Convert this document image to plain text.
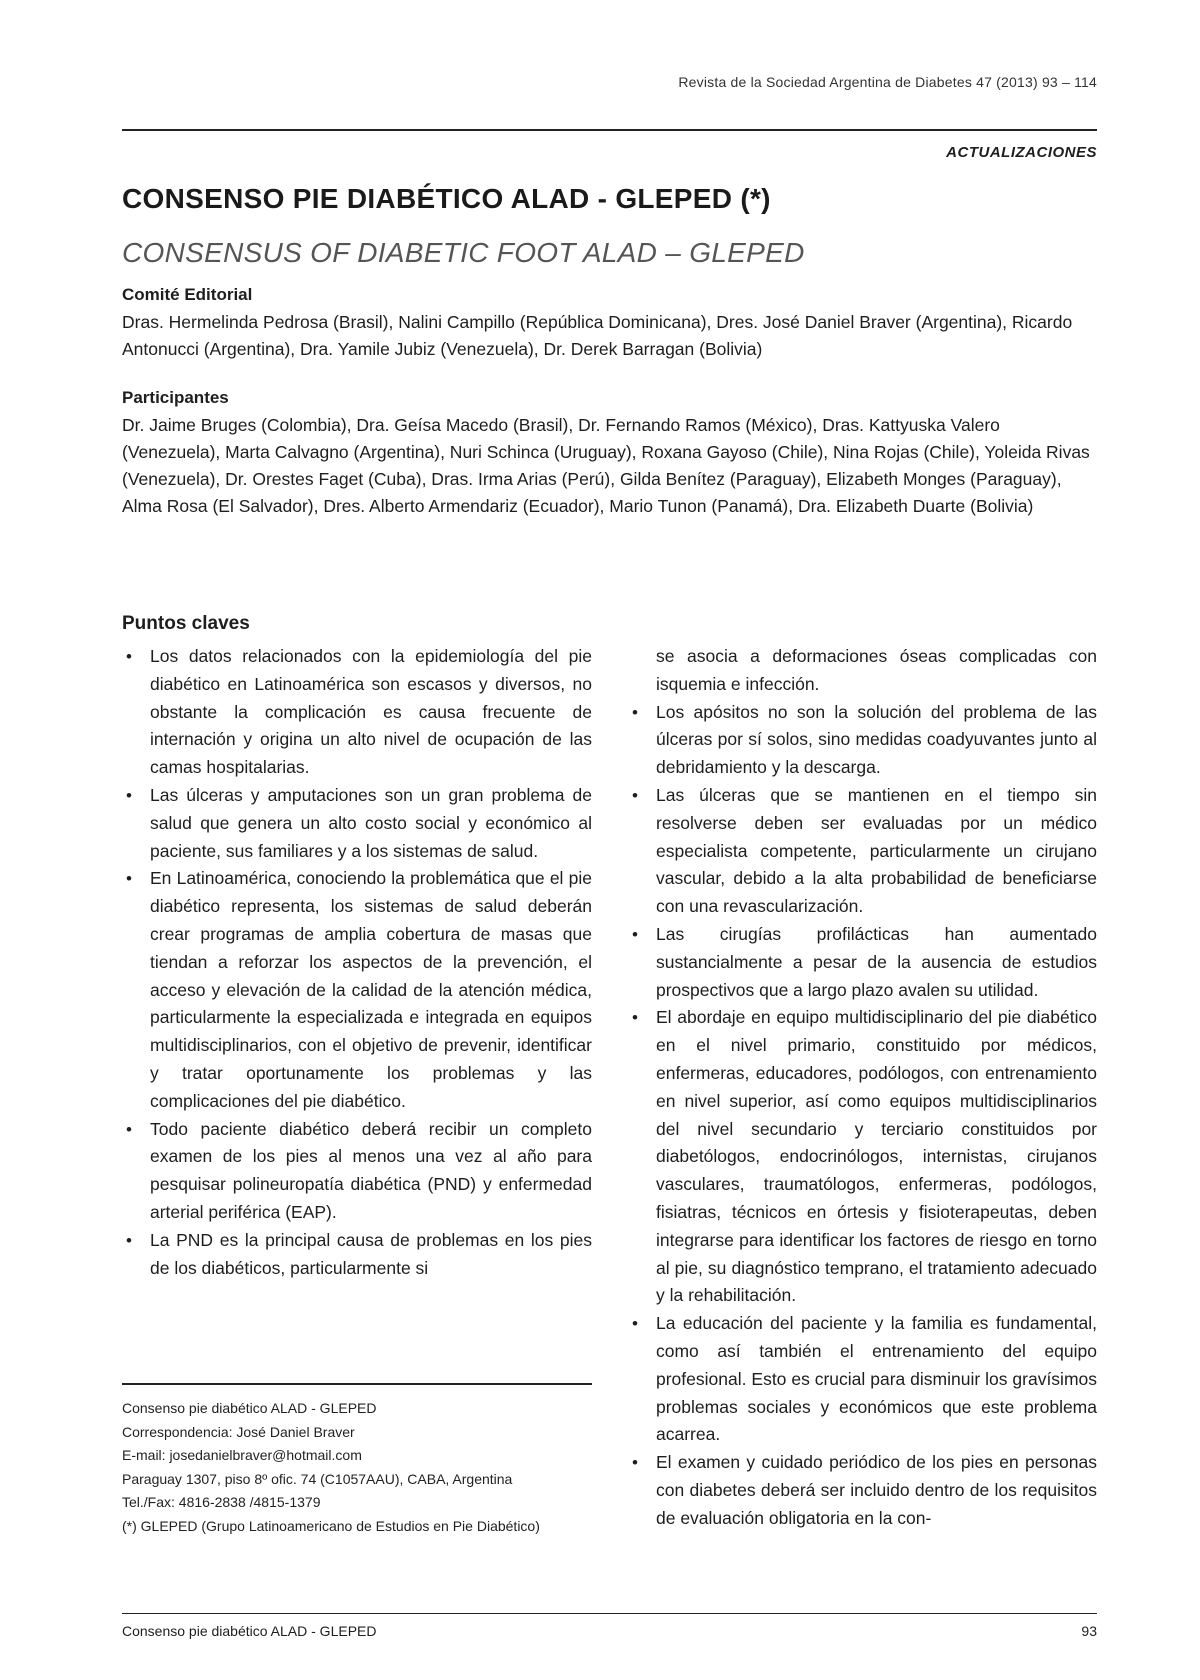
Revista de la Sociedad Argentina de Diabetes 47 (2013) 93 – 114
ACTUALIZACIONES
CONSENSO PIE DIABÉTICO ALAD - GLEPED (*)
CONSENSUS OF DIABETIC FOOT ALAD – GLEPED
Comité Editorial
Dras. Hermelinda Pedrosa (Brasil), Nalini Campillo (República Dominicana), Dres. José Daniel Braver (Argentina), Ricardo Antonucci (Argentina), Dra. Yamile Jubiz (Venezuela), Dr. Derek Barragan (Bolivia)
Participantes
Dr. Jaime Bruges (Colombia), Dra. Geísa Macedo (Brasil), Dr. Fernando Ramos (México), Dras. Kattyuska Valero (Venezuela), Marta Calvagno (Argentina), Nuri Schinca (Uruguay), Roxana Gayoso (Chile), Nina Rojas (Chile), Yoleida Rivas (Venezuela), Dr. Orestes Faget (Cuba), Dras. Irma Arias (Perú), Gilda Benítez (Paraguay), Elizabeth Monges (Paraguay), Alma Rosa (El Salvador), Dres. Alberto Armendariz (Ecuador), Mario Tunon (Panamá), Dra. Elizabeth Duarte (Bolivia)
Puntos claves
• Los datos relacionados con la epidemiología del pie diabético en Latinoamérica son escasos y diversos, no obstante la complicación es causa frecuente de internación y origina un alto nivel de ocupación de las camas hospitalarias.
• Las úlceras y amputaciones son un gran problema de salud que genera un alto costo social y económico al paciente, sus familiares y a los sistemas de salud.
• En Latinoamérica, conociendo la problemática que el pie diabético representa, los sistemas de salud deberán crear programas de amplia cobertura de masas que tiendan a reforzar los aspectos de la prevención, el acceso y elevación de la calidad de la atención médica, particularmente la especializada e integrada en equipos multidisciplinarios, con el objetivo de prevenir, identificar y tratar oportunamente los problemas y las complicaciones del pie diabético.
• Todo paciente diabético deberá recibir un completo examen de los pies al menos una vez al año para pesquisar polineuropatía diabética (PND) y enfermedad arterial periférica (EAP).
• La PND es la principal causa de problemas en los pies de los diabéticos, particularmente si

se asocia a deformaciones óseas complicadas con isquemia e infección.

• Los apósitos no son la solución del problema de las úlceras por sí solos, sino medidas coadyuvantes junto al debridamiento y la descarga.
• Las úlceras que se mantienen en el tiempo sin resolverse deben ser evaluadas por un médico especialista competente, particularmente un cirujano vascular, debido a la alta probabilidad de beneficiarse con una revascularización.
• Las cirugías profilácticas han aumentado sustancialmente a pesar de la ausencia de estudios prospectivos que a largo plazo avalen su utilidad.
• El abordaje en equipo multidisciplinario del pie diabético en el nivel primario, constituido por médicos, enfermeras, educadores, podólogos, con entrenamiento en nivel superior, así como equipos multidisciplinarios del nivel secundario y terciario constituidos por diabetólogos, endocrinólogos, internistas, cirujanos vasculares, traumatólogos, enfermeras, podólogos, fisiatras, técnicos en órtesis y fisioterapeutas, deben integrarse para identificar los factores de riesgo en torno al pie, su diagnóstico temprano, el tratamiento adecuado y la rehabilitación.
• La educación del paciente y la familia es fundamental, como así también el entrenamiento del equipo profesional. Esto es crucial para disminuir los gravísimos problemas sociales y económicos que este problema acarrea.
• El examen y cuidado periódico de los pies en personas con diabetes deberá ser incluido dentro de los requisitos de evaluación obligatoria en la con-
Consenso pie diabético ALAD - GLEPED
Correspondencia: José Daniel Braver
E-mail: josedanielbraver@hotmail.com
Paraguay 1307, piso 8º ofic. 74 (C1057AAU), CABA, Argentina
Tel./Fax: 4816-2838 /4815-1379
(*) GLEPED (Grupo Latinoamericano de Estudios en Pie Diabético)
Consenso pie diabético ALAD - GLEPED	93
